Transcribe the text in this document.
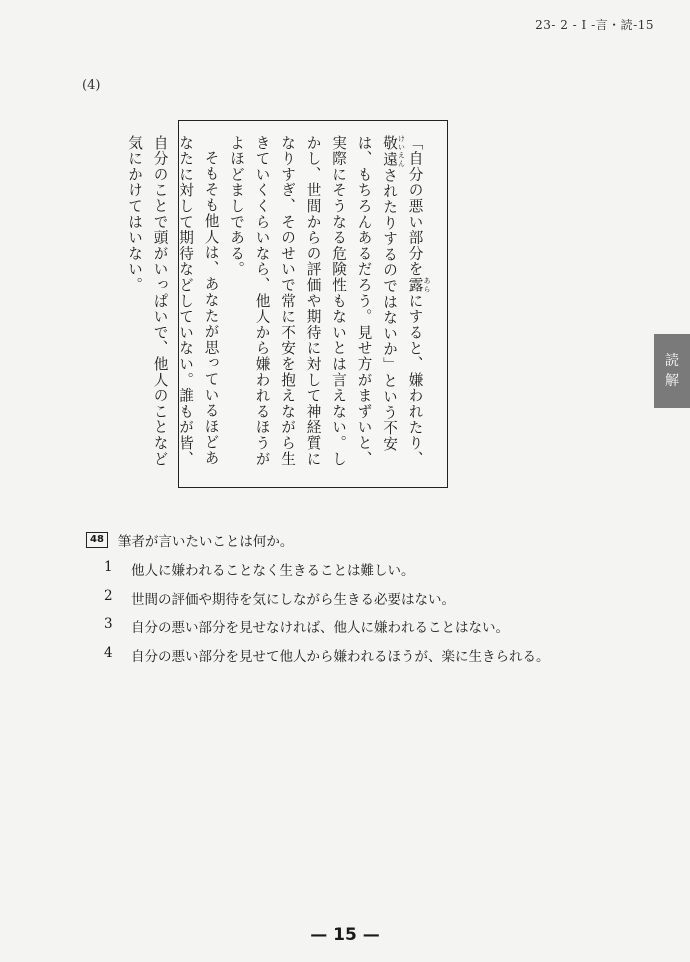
23- 2 - I -言・読-15
(4)

「自分の悪い部分を露 あらにすると、嫌われたり、敬遠 けいえんされたりするのではないか」という不安は、もちろんあるだろう。見せ方がまずいと、実際にそうなる危険性もないとは言えない。しかし、世間からの評価や期待に対して神経質になりすぎ、そのせいで常に不安を抱えながら生きていくくらいなら、他人から嫌われるほうがよほどましである。

そもそも他人は、あなたが思っているほどあなたに対して期待などしていない。誰もが皆、自分のことで頭がいっぱいで、他人のことなど気にかけてはいない。

読
解
48 筆者が言いたいことは何か。
1	他人に嫌われることなく生きることは難しい。
2	世間の評価や期待を気にしながら生きる必要はない。
3	自分の悪い部分を見せなければ、他人に嫌われることはない。
4	自分の悪い部分を見せて他人から嫌われるほうが、楽に生きられる。
— 15 —
